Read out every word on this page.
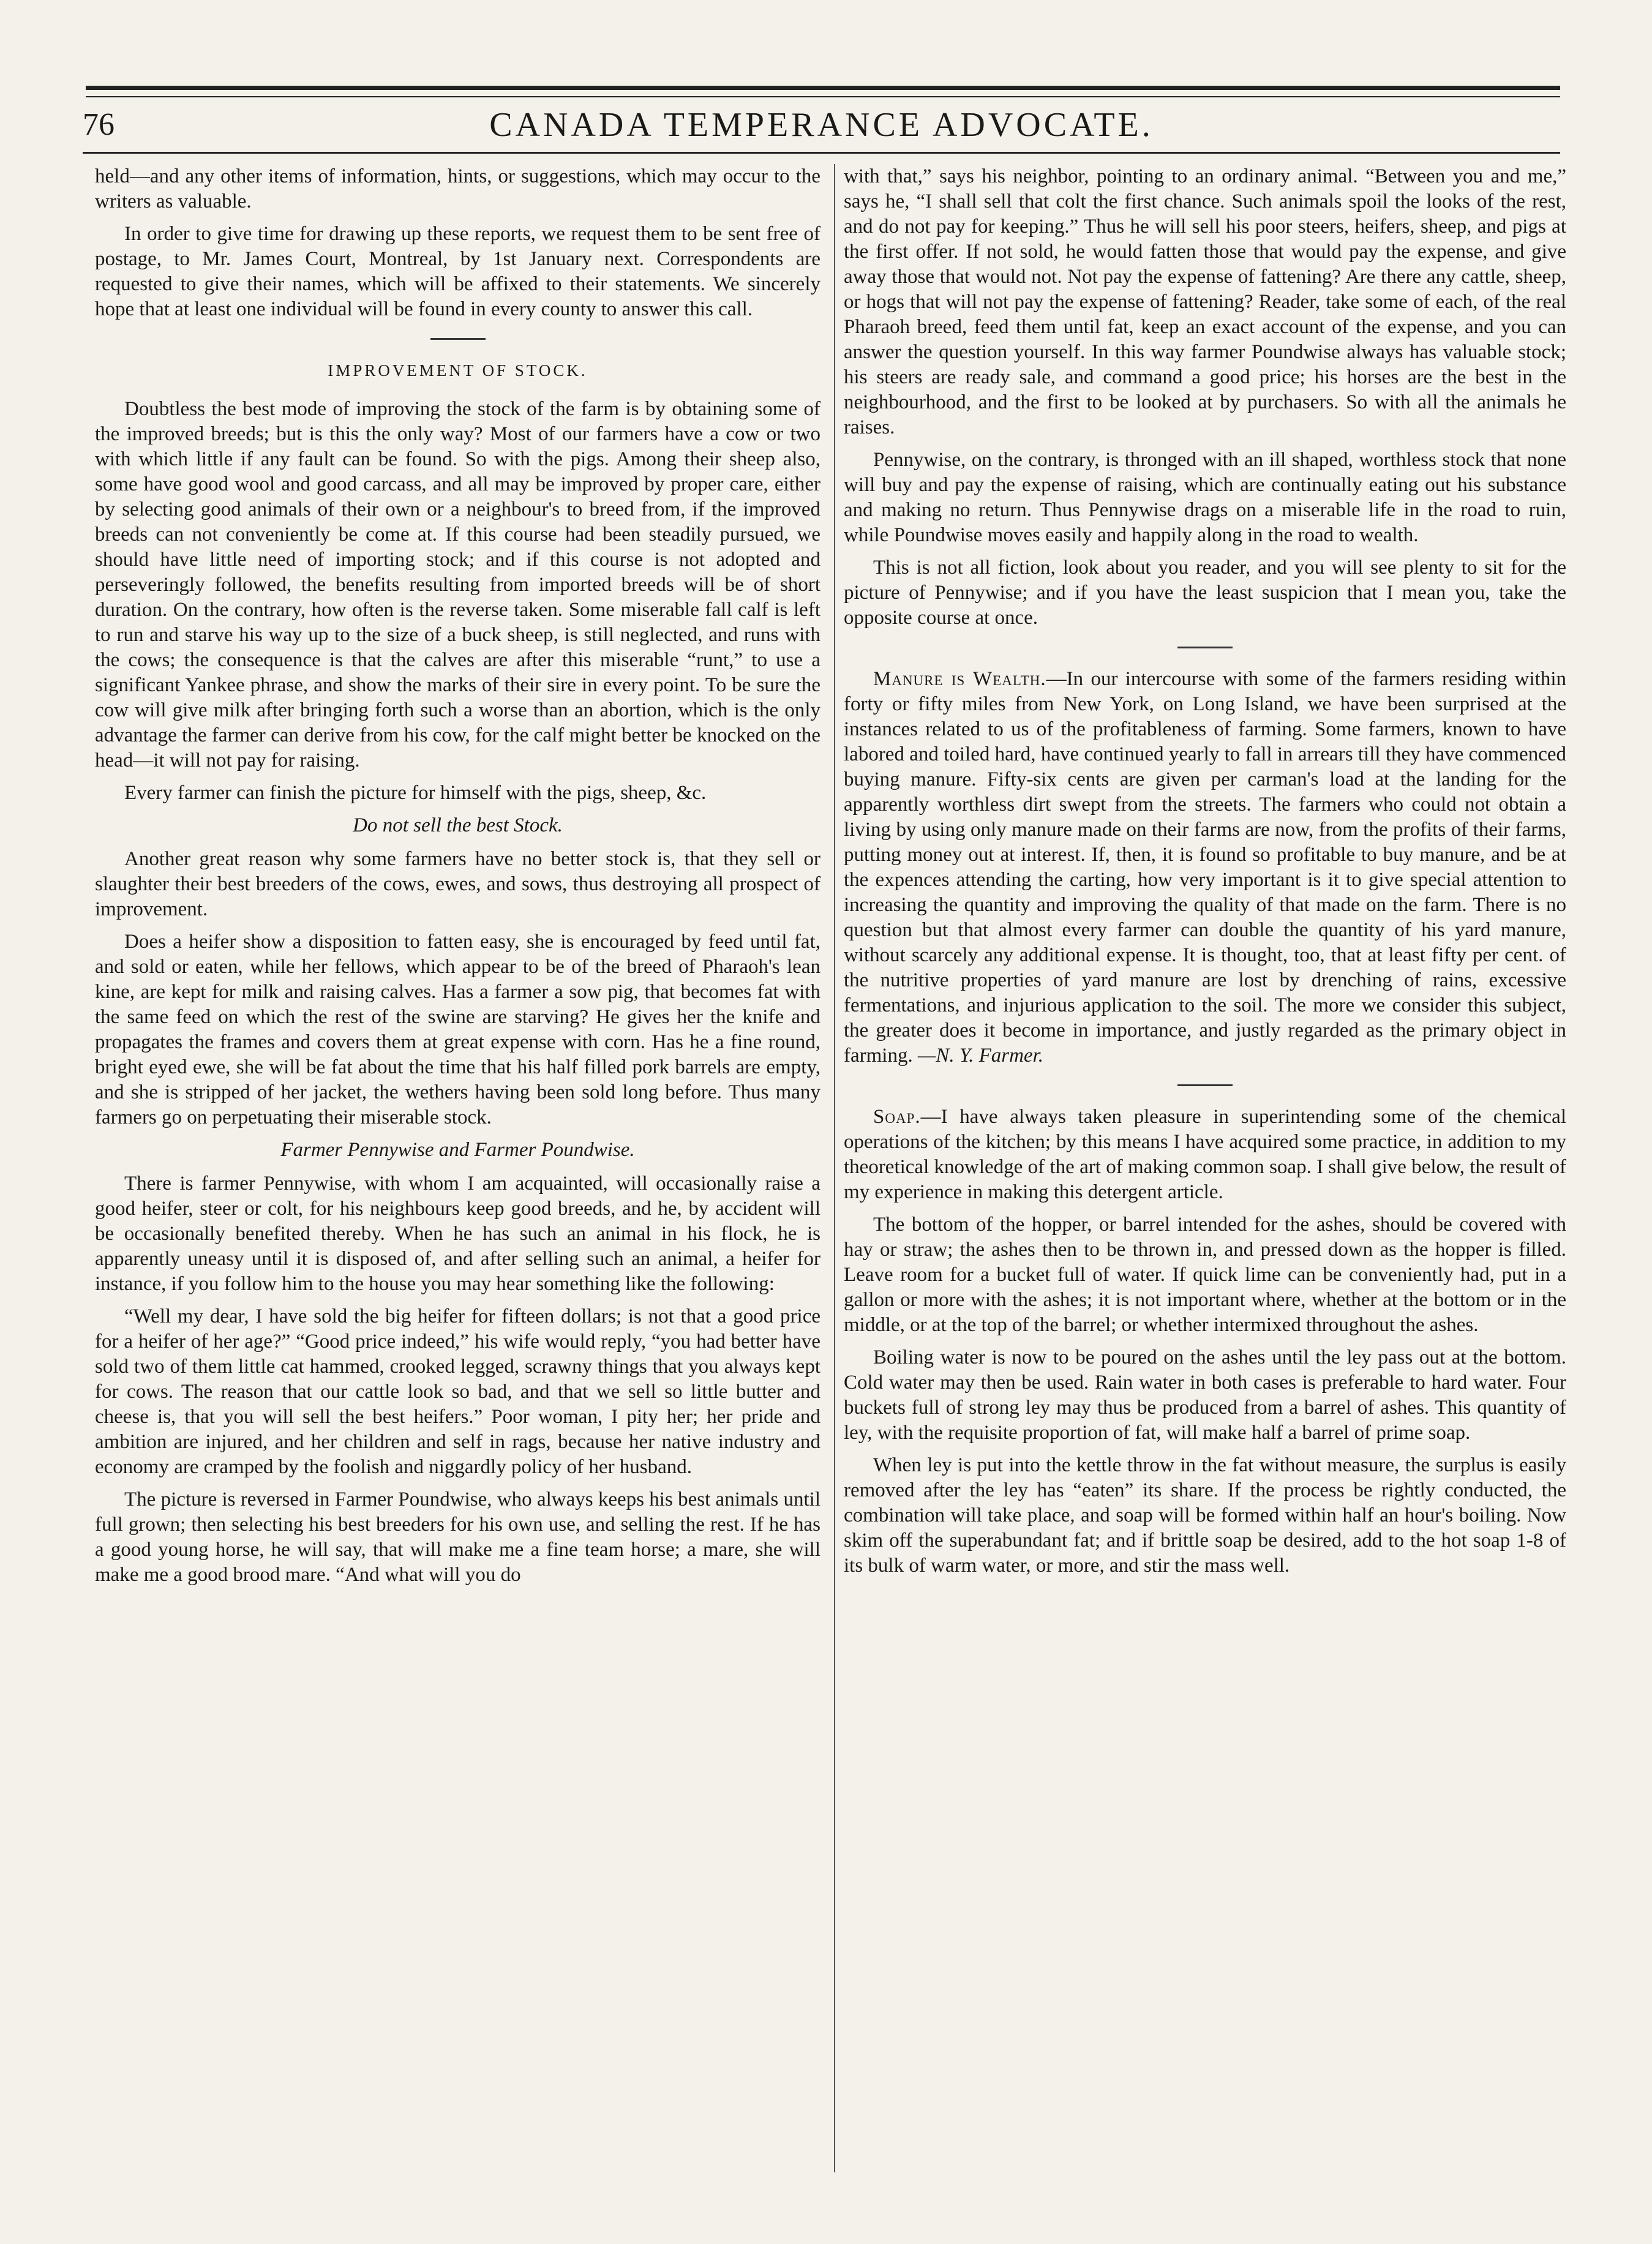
76	CANADA TEMPERANCE ADVOCATE.

held—and any other items of information, hints, or suggestions, which may occur to the writers as valuable.

In order to give time for drawing up these reports, we request them to be sent free of postage, to Mr. James Court, Montreal, by 1st January next. Correspondents are requested to give their names, which will be affixed to their statements. We sincerely hope that at least one individual will be found in every county to answer this call.

IMPROVEMENT OF STOCK.

Doubtless the best mode of improving the stock of the farm is by obtaining some of the improved breeds; but is this the only way? Most of our farmers have a cow or two with which little if any fault can be found. So with the pigs. Among their sheep also, some have good wool and good carcass, and all may be improved by proper care, either by selecting good animals of their own or a neighbour's to breed from, if the improved breeds can not conveniently be come at. If this course had been steadily pursued, we should have little need of importing stock; and if this course is not adopted and perseveringly followed, the benefits resulting from imported breeds will be of short duration. On the contrary, how often is the reverse taken. Some miserable fall calf is left to run and starve his way up to the size of a buck sheep, is still neglected, and runs with the cows; the consequence is that the calves are after this miserable “runt,” to use a significant Yankee phrase, and show the marks of their sire in every point. To be sure the cow will give milk after bringing forth such a worse than an abortion, which is the only advantage the farmer can derive from his cow, for the calf might better be knocked on the head—it will not pay for raising.

Every farmer can finish the picture for himself with the pigs, sheep, &c.

Do not sell the best Stock.

Another great reason why some farmers have no better stock is, that they sell or slaughter their best breeders of the cows, ewes, and sows, thus destroying all prospect of improvement.

Does a heifer show a disposition to fatten easy, she is encouraged by feed until fat, and sold or eaten, while her fellows, which appear to be of the breed of Pharaoh's lean kine, are kept for milk and raising calves. Has a farmer a sow pig, that becomes fat with the same feed on which the rest of the swine are starving? He gives her the knife and propagates the frames and covers them at great expense with corn. Has he a fine round, bright eyed ewe, she will be fat about the time that his half filled pork barrels are empty, and she is stripped of her jacket, the wethers having been sold long before. Thus many farmers go on perpetuating their miserable stock.

Farmer Pennywise and Farmer Poundwise.

There is farmer Pennywise, with whom I am acquainted, will occasionally raise a good heifer, steer or colt, for his neighbours keep good breeds, and he, by accident will be occasionally benefited thereby. When he has such an animal in his flock, he is apparently uneasy until it is disposed of, and after selling such an animal, a heifer for instance, if you follow him to the house you may hear something like the following:

“Well my dear, I have sold the big heifer for fifteen dollars; is not that a good price for a heifer of her age?” “Good price indeed,” his wife would reply, “you had better have sold two of them little cat hammed, crooked legged, scrawny things that you always kept for cows. The reason that our cattle look so bad, and that we sell so little butter and cheese is, that you will sell the best heifers.” Poor woman, I pity her; her pride and ambition are injured, and her children and self in rags, because her native industry and economy are cramped by the foolish and niggardly policy of her husband.

The picture is reversed in Farmer Poundwise, who always keeps his best animals until full grown; then selecting his best breeders for his own use, and selling the rest. If he has a good young horse, he will say, that will make me a fine team horse; a mare, she will make me a good brood mare. “And what will you do

with that,” says his neighbor, pointing to an ordinary animal. “Between you and me,” says he, “I shall sell that colt the first chance. Such animals spoil the looks of the rest, and do not pay for keeping.” Thus he will sell his poor steers, heifers, sheep, and pigs at the first offer. If not sold, he would fatten those that would pay the expense, and give away those that would not. Not pay the expense of fattening? Are there any cattle, sheep, or hogs that will not pay the expense of fattening? Reader, take some of each, of the real Pharaoh breed, feed them until fat, keep an exact account of the expense, and you can answer the question yourself. In this way farmer Poundwise always has valuable stock; his steers are ready sale, and command a good price; his horses are the best in the neighbourhood, and the first to be looked at by purchasers. So with all the animals he raises.

Pennywise, on the contrary, is thronged with an ill shaped, worthless stock that none will buy and pay the expense of raising, which are continually eating out his substance and making no return. Thus Pennywise drags on a miserable life in the road to ruin, while Poundwise moves easily and happily along in the road to wealth.

This is not all fiction, look about you reader, and you will see plenty to sit for the picture of Pennywise; and if you have the least suspicion that I mean you, take the opposite course at once.

Manure is Wealth.—In our intercourse with some of the farmers residing within forty or fifty miles from New York, on Long Island, we have been surprised at the instances related to us of the profitableness of farming. Some farmers, known to have labored and toiled hard, have continued yearly to fall in arrears till they have commenced buying manure. Fifty-six cents are given per carman's load at the landing for the apparently worthless dirt swept from the streets. The farmers who could not obtain a living by using only manure made on their farms are now, from the profits of their farms, putting money out at interest. If, then, it is found so profitable to buy manure, and be at the expences attending the carting, how very important is it to give special attention to increasing the quantity and improving the quality of that made on the farm. There is no question but that almost every farmer can double the quantity of his yard manure, without scarcely any additional expense. It is thought, too, that at least fifty per cent. of the nutritive properties of yard manure are lost by drenching of rains, excessive fermentations, and injurious application to the soil. The more we consider this subject, the greater does it become in importance, and justly regarded as the primary object in farming. —N. Y. Farmer.

Soap.—I have always taken pleasure in superintending some of the chemical operations of the kitchen; by this means I have acquired some practice, in addition to my theoretical knowledge of the art of making common soap. I shall give below, the result of my experience in making this detergent article.

The bottom of the hopper, or barrel intended for the ashes, should be covered with hay or straw; the ashes then to be thrown in, and pressed down as the hopper is filled. Leave room for a bucket full of water. If quick lime can be conveniently had, put in a gallon or more with the ashes; it is not important where, whether at the bottom or in the middle, or at the top of the barrel; or whether intermixed throughout the ashes.

Boiling water is now to be poured on the ashes until the ley pass out at the bottom. Cold water may then be used. Rain water in both cases is preferable to hard water. Four buckets full of strong ley may thus be produced from a barrel of ashes. This quantity of ley, with the requisite proportion of fat, will make half a barrel of prime soap.

When ley is put into the kettle throw in the fat without measure, the surplus is easily removed after the ley has “eaten” its share. If the process be rightly conducted, the combination will take place, and soap will be formed within half an hour's boiling. Now skim off the superabundant fat; and if brittle soap be desired, add to the hot soap 1-8 of its bulk of warm water, or more, and stir the mass well.
